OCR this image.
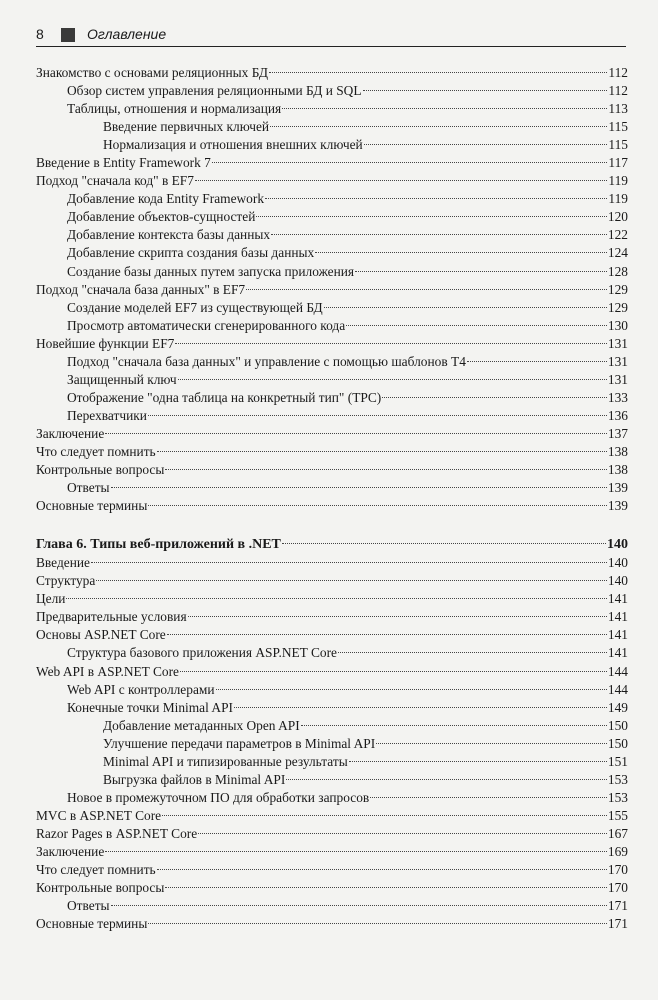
8	Оглавление
Знакомство с основами реляционных БД	112
Обзор систем управления реляционными БД и SQL	112
Таблицы, отношения и нормализация	113
Введение первичных ключей	115
Нормализация и отношения внешних ключей	115
Введение в Entity Framework 7	117
Подход "сначала код" в EF7	119
Добавление кода Entity Framework	119
Добавление объектов-сущностей	120
Добавление контекста базы данных	122
Добавление скрипта создания базы данных	124
Создание базы данных путем запуска приложения	128
Подход "сначала база данных" в EF7	129
Создание моделей EF7 из существующей БД	129
Просмотр автоматически сгенерированного кода	130
Новейшие функции EF7	131
Подход "сначала база данных" и управление с помощью шаблонов T4	131
Защищенный ключ	131
Отображение "одна таблица на конкретный тип" (TPC)	133
Перехватчики	136
Заключение	137
Что следует помнить	138
Контрольные вопросы	138
Ответы	139
Основные термины	139
Глава 6. Типы веб-приложений в .NET	140
Введение	140
Структура	140
Цели	141
Предварительные условия	141
Основы ASP.NET Core	141
Структура базового приложения ASP.NET Core	141
Web API в ASP.NET Core	144
Web API с контроллерами	144
Конечные точки Minimal API	149
Добавление метаданных Open API	150
Улучшение передачи параметров в Minimal API	150
Minimal API и типизированные результаты	151
Выгрузка файлов в Minimal API	153
Новое в промежуточном ПО для обработки запросов	153
MVC в ASP.NET Core	155
Razor Pages в ASP.NET Core	167
Заключение	169
Что следует помнить	170
Контрольные вопросы	170
Ответы	171
Основные термины	171
